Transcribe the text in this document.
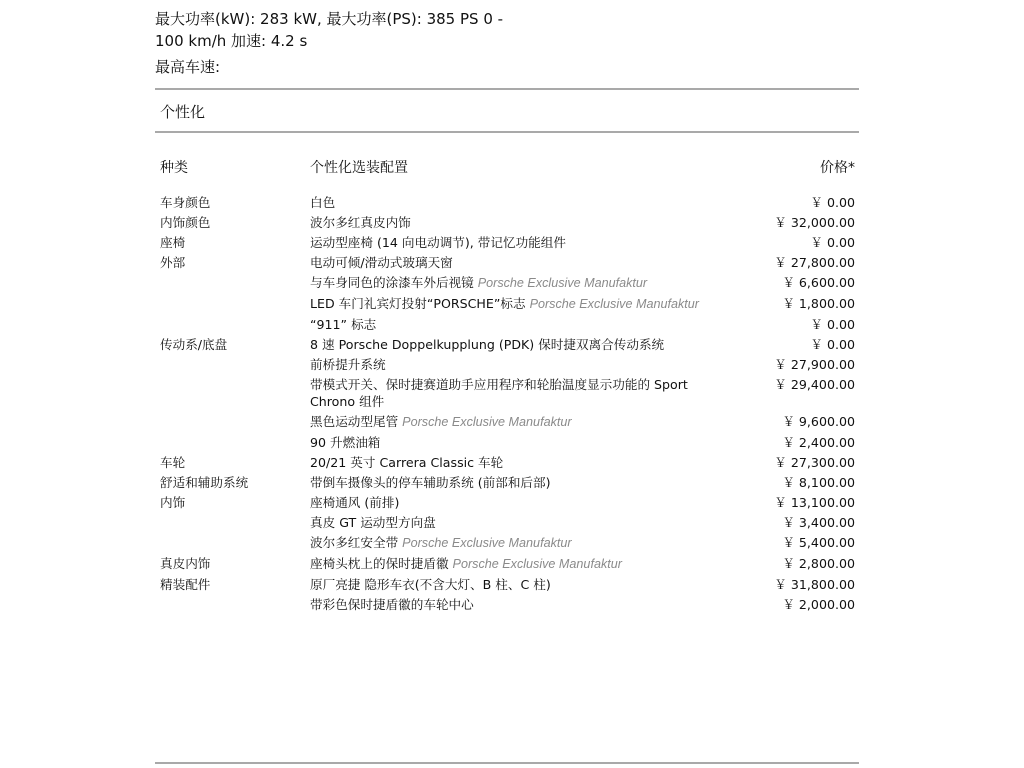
最大功率(kW): 283 kW, 最大功率(PS): 385 PS 0 -
100 km/h 加速: 4.2 s
最高车速:
个性化
种类	个性化选装配置	价格*
车身颜色	白色	￥ 0.00
内饰颜色	波尔多红真皮内饰	￥ 32,000.00
座椅	运动型座椅 (14 向电动调节), 带记忆功能组件	￥ 0.00
外部	电动可倾/滑动式玻璃天窗	￥ 27,800.00
与车身同色的涂漆车外后视镜 Porsche Exclusive Manufaktur	￥ 6,600.00
LED 车门礼宾灯投射“PORSCHE”标志 Porsche Exclusive Manufaktur	￥ 1,800.00
“911” 标志	￥ 0.00
传动系/底盘	8 速 Porsche Doppelkupplung (PDK) 保时捷双离合传动系统	￥ 0.00
前桥提升系统	￥ 27,900.00
带模式开关、保时捷赛道助手应用程序和轮胎温度显示功能的 Sport Chrono 组件
￥ 29,400.00
黑色运动型尾管 Porsche Exclusive Manufaktur	￥ 9,600.00
90 升燃油箱	￥ 2,400.00
车轮	20/21 英寸 Carrera Classic 车轮	￥ 27,300.00
舒适和辅助系统	带倒车摄像头的停车辅助系统 (前部和后部)	￥ 8,100.00
内饰	座椅通风 (前排)	￥ 13,100.00
真皮 GT 运动型方向盘	￥ 3,400.00
波尔多红安全带 Porsche Exclusive Manufaktur	￥ 5,400.00
真皮内饰	座椅头枕上的保时捷盾徽 Porsche Exclusive Manufaktur	￥ 2,800.00
精装配件	原厂亮捷 隐形车衣(不含大灯、B 柱、C 柱)	￥ 31,800.00
带彩色保时捷盾徽的车轮中心	￥ 2,000.00
